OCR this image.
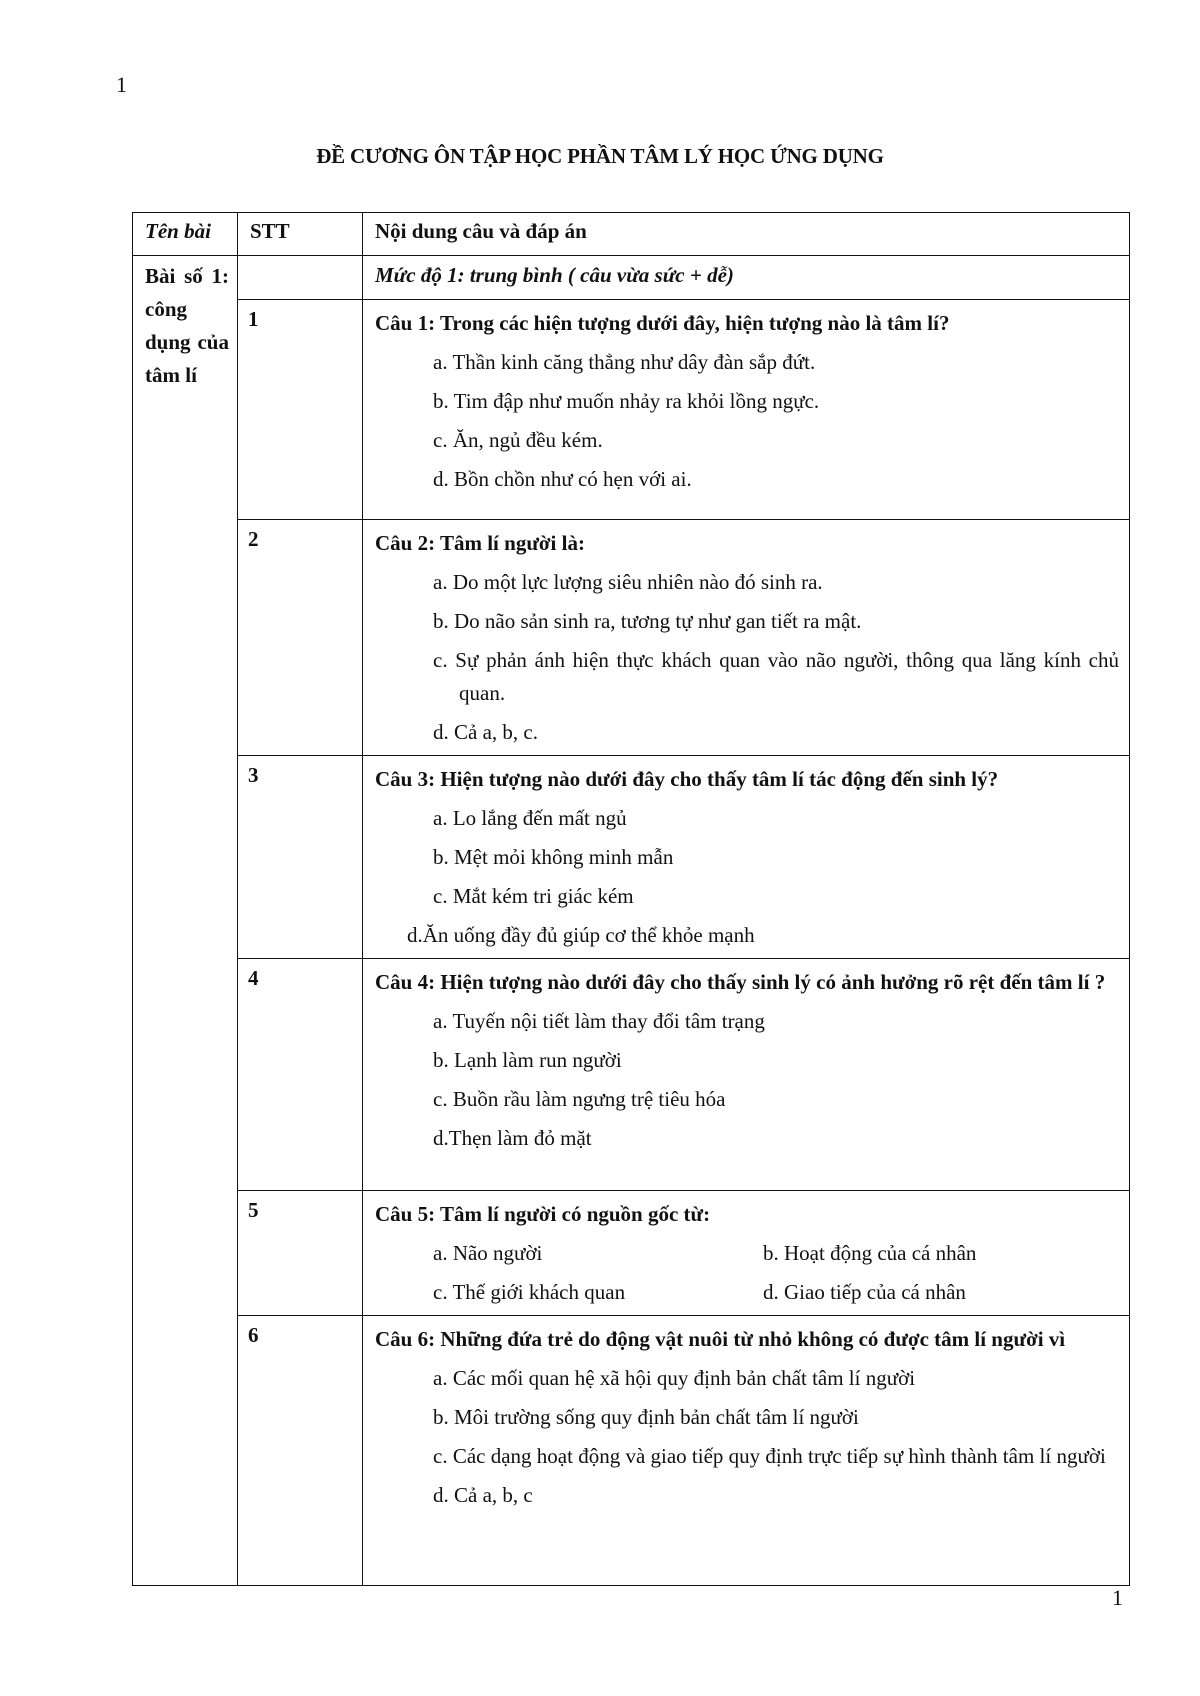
1
ĐỀ CƯƠNG ÔN TẬP HỌC PHẦN TÂM LÝ HỌC ỨNG DỤNG
Tên bài	STT	Nội dung câu và đáp án

Bài số 1: công dụng của tâm lí		Mức độ 1: trung bình ( câu vừa sức + dễ)

	1	Câu 1: Trong các hiện tượng dưới đây, hiện tượng nào là tâm lí?
a. Thần kinh căng thẳng như dây đàn sắp đứt.
b. Tim đập như muốn nhảy ra khỏi lồng ngực.
c. Ăn, ngủ đều kém.
d. Bồn chồn như có hẹn với ai.

	2	Câu 2: Tâm lí người là:
a. Do một lực lượng siêu nhiên nào đó sinh ra.
b. Do não sản sinh ra, tương tự như gan tiết ra mật.
c. Sự phản ánh hiện thực khách quan vào não người, thông qua lăng kính chủ quan.
d. Cả a, b, c.

	3	Câu 3: Hiện tượng nào dưới đây cho thấy tâm lí tác động đến sinh lý?
a. Lo lắng đến mất ngủ
b. Mệt mỏi không minh mẫn
c. Mắt kém tri giác kém
d.Ăn uống đầy đủ giúp cơ thể khỏe mạnh

	4	Câu 4: Hiện tượng nào dưới đây cho thấy sinh lý có ảnh hưởng rõ rệt đến tâm lí ?
a. Tuyến nội tiết làm thay đổi tâm trạng
b. Lạnh làm run người
c. Buồn rầu làm ngưng trệ tiêu hóa
d.Thẹn làm đỏ mặt

	5	Câu 5: Tâm lí người có nguồn gốc từ:
a. Não người b. Hoạt động của cá nhân
c. Thế giới khách quan d. Giao tiếp của cá nhân

	6	Câu 6: Những đứa trẻ do động vật nuôi từ nhỏ không có được tâm lí người vì
a. Các mối quan hệ xã hội quy định bản chất tâm lí người
b. Môi trường sống quy định bản chất tâm lí người
c. Các dạng hoạt động và giao tiếp quy định trực tiếp sự hình thành tâm lí người
d. Cả a, b, c
1
